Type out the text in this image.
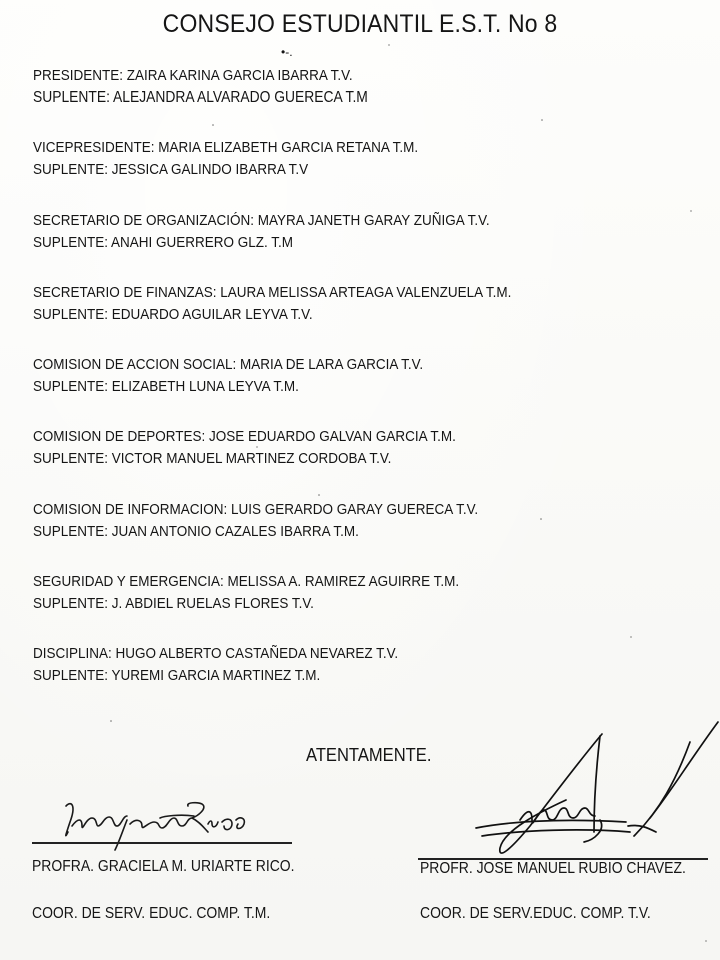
CONSEJO ESTUDIANTIL E.S.T. No 8
•-.
PRESIDENTE: ZAIRA KARINA GARCIA IBARRA T.V.
SUPLENTE: ALEJANDRA ALVARADO GUERECA T.M
VICEPRESIDENTE: MARIA ELIZABETH GARCIA RETANA T.M.
SUPLENTE: JESSICA GALINDO IBARRA T.V
SECRETARIO DE ORGANIZACIÓN: MAYRA JANETH GARAY ZUÑIGA T.V.
SUPLENTE: ANAHI GUERRERO GLZ. T.M
SECRETARIO DE FINANZAS: LAURA MELISSA ARTEAGA VALENZUELA T.M.
SUPLENTE: EDUARDO AGUILAR LEYVA T.V.
COMISION DE ACCION SOCIAL: MARIA DE LARA GARCIA T.V.
SUPLENTE: ELIZABETH LUNA LEYVA T.M.
COMISION DE DEPORTES: JOSE EDUARDO GALVAN GARCIA T.M.
SUPLENTE: VICTOR MANUEL MARTINEZ CORDOBA T.V.
COMISION DE INFORMACION: LUIS GERARDO GARAY GUERECA T.V.
SUPLENTE: JUAN ANTONIO CAZALES IBARRA T.M.
SEGURIDAD Y EMERGENCIA: MELISSA A. RAMIREZ AGUIRRE T.M.
SUPLENTE: J. ABDIEL RUELAS FLORES T.V.
DISCIPLINA: HUGO ALBERTO CASTAÑEDA NEVAREZ T.V.
SUPLENTE: YUREMI GARCIA MARTINEZ T.M.
ATENTAMENTE.
PROFRA. GRACIELA M. URIARTE RICO.
COOR. DE SERV. EDUC. COMP. T.M.
PROFR. JOSE MANUEL RUBIO CHAVEZ.
COOR. DE SERV.EDUC. COMP. T.V.
